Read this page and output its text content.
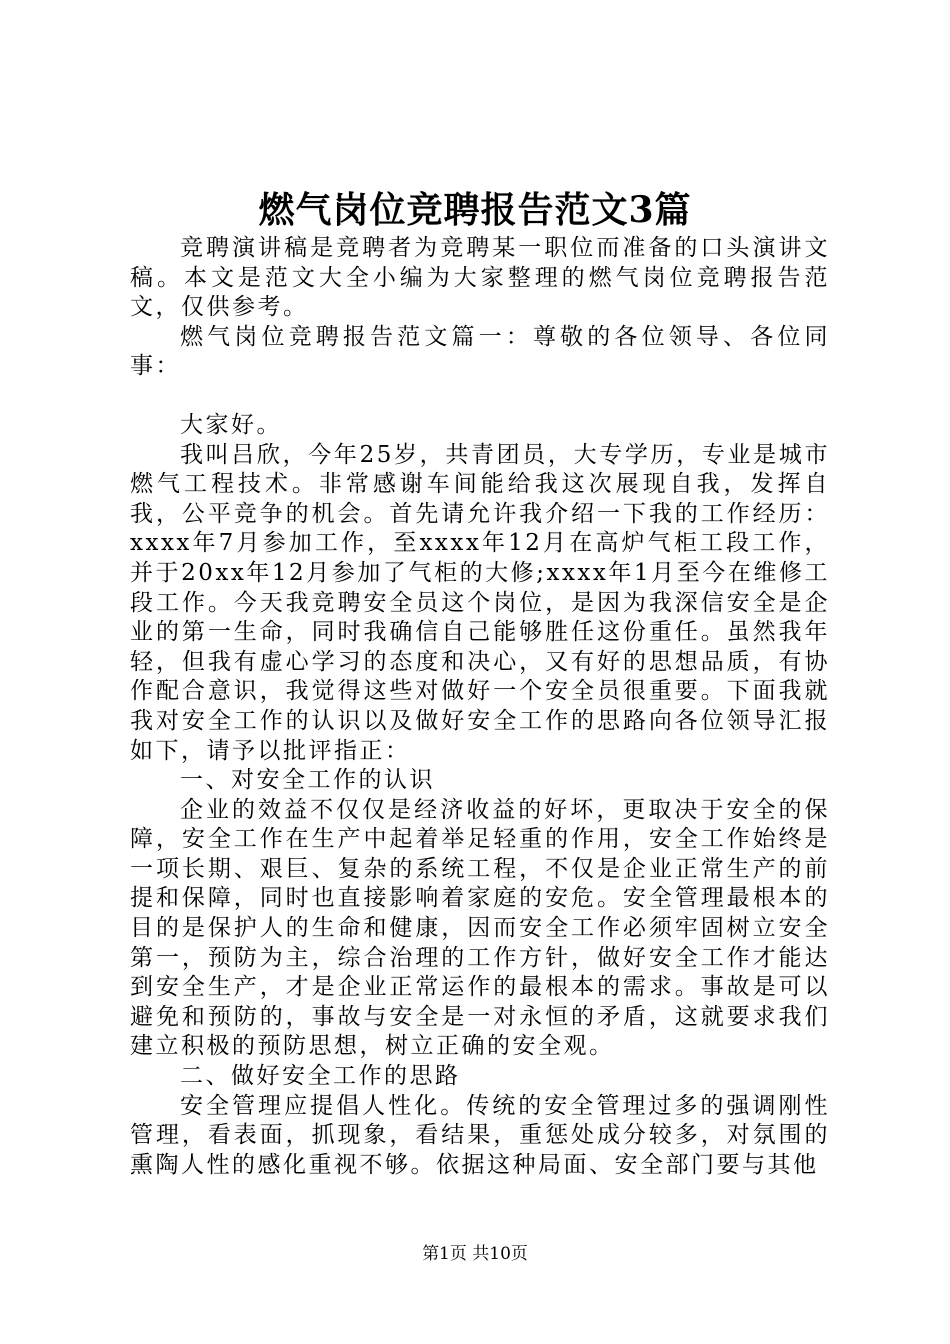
燃气岗位竞聘报告范文3篇

竞聘演讲稿是竞聘者为竞聘某一职位而准备的口头演讲文稿。本文是范文大全小编为大家整理的燃气岗位竞聘报告范文，仅供参考。

燃气岗位竞聘报告范文篇一：尊敬的各位领导、各位同事：

大家好。

我叫吕欣，今年25岁，共青团员，大专学历，专业是城市燃气工程技术。非常感谢车间能给我这次展现自我，发挥自我，公平竞争的机会。首先请允许我介绍一下我的工作经历：xxxx年7月参加工作，至xxxx年12月在高炉气柜工段工作，并于20xx年12月参加了气柜的大修;xxxx年1月至今在维修工段工作。今天我竞聘安全员这个岗位，是因为我深信安全是企业的第一生命，同时我确信自己能够胜任这份重任。虽然我年轻，但我有虚心学习的态度和决心，又有好的思想品质，有协作配合意识，我觉得这些对做好一个安全员很重要。下面我就我对安全工作的认识以及做好安全工作的思路向各位领导汇报如下，请予以批评指正：

一、对安全工作的认识

企业的效益不仅仅是经济收益的好坏，更取决于安全的保障，安全工作在生产中起着举足轻重的作用，安全工作始终是一项长期、艰巨、复杂的系统工程，不仅是企业正常生产的前提和保障，同时也直接影响着家庭的安危。安全管理最根本的目的是保护人的生命和健康，因而安全工作必须牢固树立安全第一，预防为主，综合治理的工作方针，做好安全工作才能达到安全生产，才是企业正常运作的最根本的需求。事故是可以避免和预防的，事故与安全是一对永恒的矛盾，这就要求我们建立积极的预防思想，树立正确的安全观。

二、做好安全工作的思路

安全管理应提倡人性化。传统的安全管理过多的强调刚性管理，看表面，抓现象，看结果，重惩处成分较多，对氛围的熏陶人性的感化重视不够。依据这种局面、安全部门要与其他

第1页 共10页
